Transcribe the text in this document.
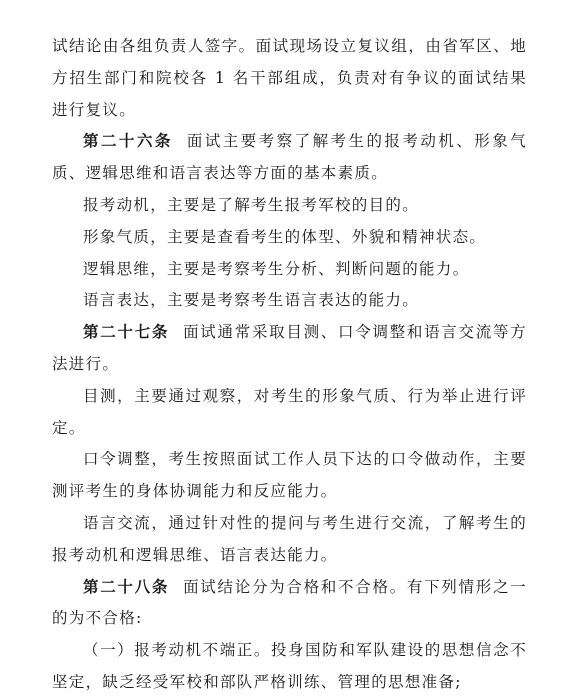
试结论由各组负责人签字。面试现场设立复议组，由省军区、地方招生部门和院校各 1 名干部组成，负责对有争议的面试结果进行复议。

第二十六条 面试主要考察了解考生的报考动机、形象气质、逻辑思维和语言表达等方面的基本素质。

报考动机，主要是了解考生报考军校的目的。

形象气质，主要是查看考生的体型、外貌和精神状态。

逻辑思维，主要是考察考生分析、判断问题的能力。

语言表达，主要是考察考生语言表达的能力。

第二十七条 面试通常采取目测、口令调整和语言交流等方法进行。

目测，主要通过观察，对考生的形象气质、行为举止进行评定。

口令调整，考生按照面试工作人员下达的口令做动作，主要测评考生的身体协调能力和反应能力。

语言交流，通过针对性的提问与考生进行交流，了解考生的报考动机和逻辑思维、语言表达能力。

第二十八条 面试结论分为合格和不合格。有下列情形之一的为不合格:

（一）报考动机不端正。投身国防和军队建设的思想信念不坚定，缺乏经受军校和部队严格训练、管理的思想准备;
